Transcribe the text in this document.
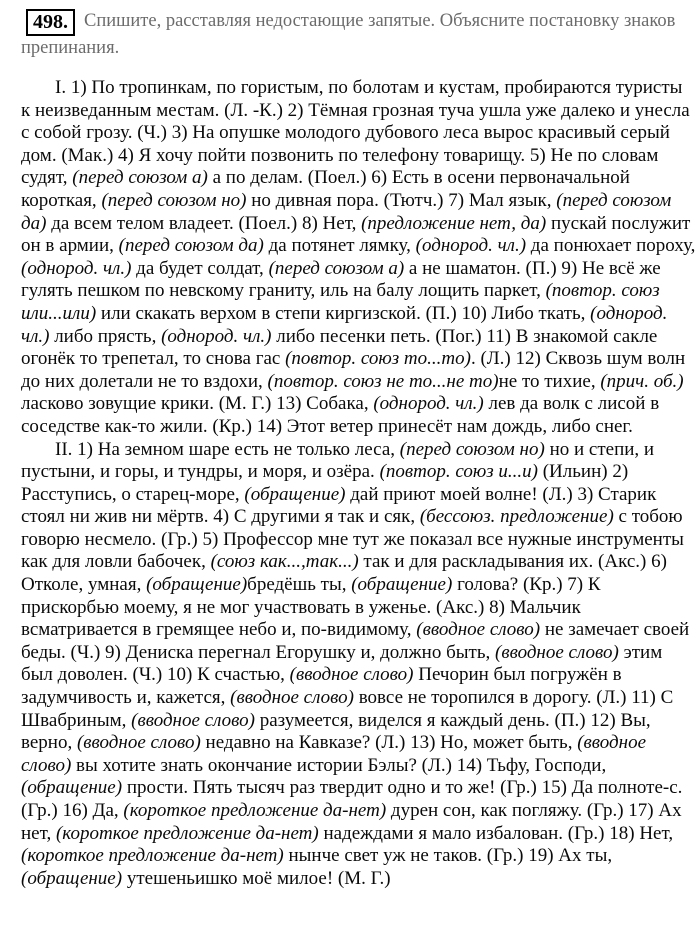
498. Спишите, расставляя недостающие запятые. Объясните постановку знаков препинания.

I. 1) По тропинкам, по гористым, по болотам и кустам, пробираются туристы к неизведанным местам. (Л. -К.) 2) Тёмная грозная туча ушла уже далеко и унесла с собой грозу. (Ч.) 3) На опушке молодого дубового леса вырос красивый серый дом. (Мак.) 4) Я хочу пойти позвонить по телефону товарищу. 5) Не по словам судят, (перед союзом а) а по делам. (Поел.) 6) Есть в осени первоначальной короткая, (перед союзом но) но дивная пора. (Тютч.) 7) Мал язык, (перед союзом да) да всем телом владеет. (Поел.) 8) Нет, (предложение нет, да) пускай послужит он в армии, (перед союзом да) да потянет лямку, (однород. чл.) да понюхает пороху, (однород. чл.) да будет солдат, (перед союзом а) а не шаматон. (П.) 9) Не всё же гулять пешком по невскому граниту, иль на балу лощить паркет, (повтор. союз или...или) или скакать верхом в степи киргизской. (П.) 10) Либо ткать, (однород. чл.) либо прясть, (однород. чл.) либо песенки петь. (Пог.) 11) В знакомой сакле огонёк то трепетал, то снова гас (повтор. союз то...то). (Л.) 12) Сквозь шум волн до них долетали не то вздохи, (повтор. союз не то...не то)не то тихие, (прич. об.) ласково зовущие крики. (М. Г.) 13) Собака, (однород. чл.) лев да волк с лисой в соседстве как-то жили. (Кр.) 14) Этот ветер принесёт нам дождь, либо снег.

II. 1) На земном шаре есть не только леса, (перед союзом но) но и степи, и пустыни, и горы, и тундры, и моря, и озёра. (повтор. союз и...и) (Ильин) 2) Расступись, о старец-море, (обращение) дай приют моей волне! (Л.) 3) Старик стоял ни жив ни мёртв. 4) С другими я так и сяк, (бессоюз. предложение) с тобою говорю несмело. (Гр.) 5) Профессор мне тут же показал все нужные инструменты как для ловли бабочек, (союз как...,так...) так и для раскладывания их. (Акс.) 6) Отколе, умная, (обращение)бредёшь ты, (обращение) голова? (Кр.) 7) К прискорбью моему, я не мог участвовать в уженье. (Акс.) 8) Мальчик всматривается в гремящее небо и, по-видимому, (вводное слово) не замечает своей беды. (Ч.) 9) Дениска перегнал Егорушку и, должно быть, (вводное слово) этим был доволен. (Ч.) 10) К счастью, (вводное слово) Печорин был погружён в задумчивость и, кажется, (вводное слово) вовсе не торопился в дорогу. (Л.) 11) С Швабриным, (вводное слово) разумеется, виделся я каждый день. (П.) 12) Вы, верно, (вводное слово) недавно на Кавказе? (Л.) 13) Но, может быть, (вводное слово) вы хотите знать окончание истории Бэлы? (Л.) 14) Тьфу, Господи, (обращение) прости. Пять тысяч раз твердит одно и то же! (Гр.) 15) Да полноте-с. (Гр.) 16) Да, (короткое предложение да-нет) дурен сон, как погляжу. (Гр.) 17) Ах нет, (короткое предложение да-нет) надеждами я мало избалован. (Гр.) 18) Нет, (короткое предложение да-нет) нынче свет уж не таков. (Гр.) 19) Ах ты, (обращение) утешеньишко моё милое! (М. Г.)
